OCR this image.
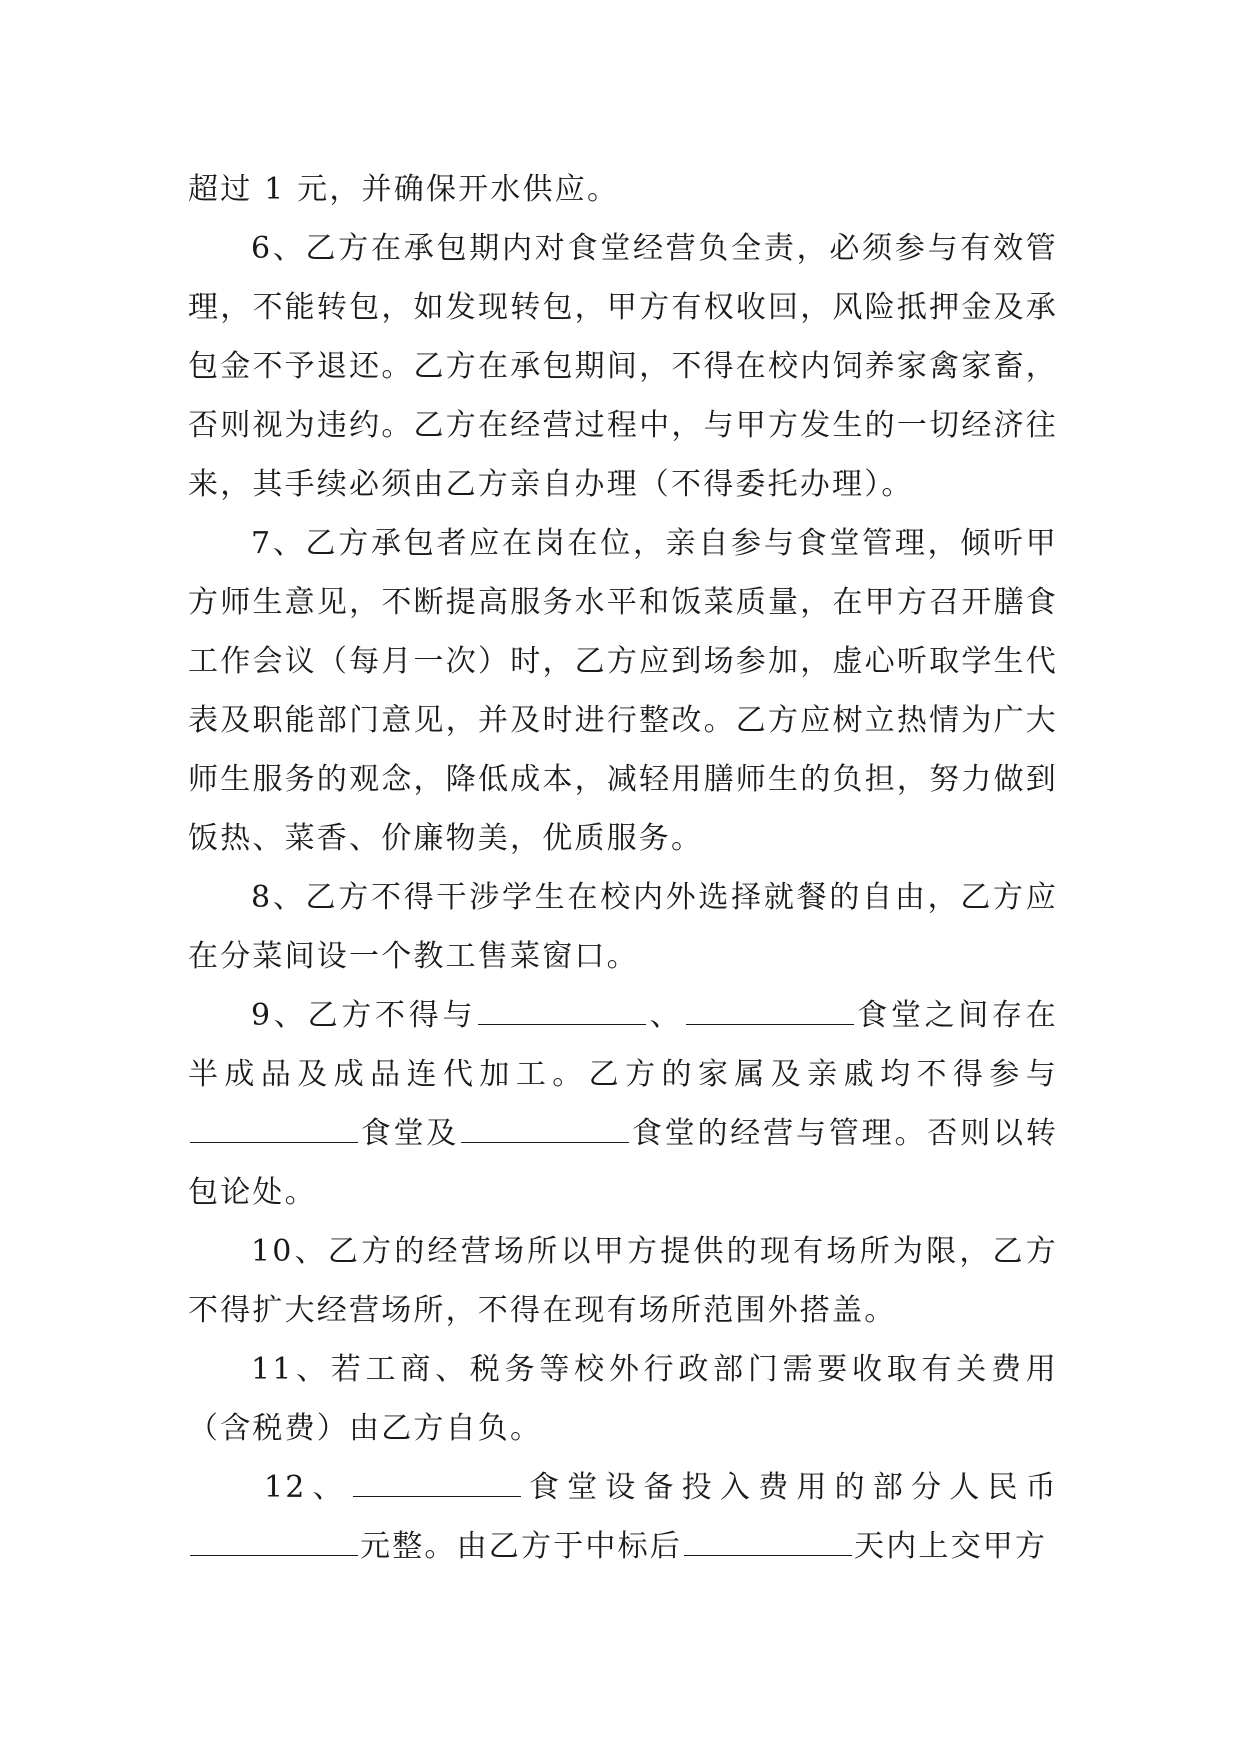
超过 1 元，并确保开水供应。

6、乙方在承包期内对食堂经营负全责，必须参与有效管理，不能转包，如发现转包，甲方有权收回，风险抵押金及承包金不予退还。乙方在承包期间，不得在校内饲养家禽家畜，否则视为违约。乙方在经营过程中，与甲方发生的一切经济往来，其手续必须由乙方亲自办理（不得委托办理）。

7、乙方承包者应在岗在位，亲自参与食堂管理，倾听甲方师生意见，不断提高服务水平和饭菜质量，在甲方召开膳食工作会议（每月一次）时，乙方应到场参加，虚心听取学生代表及职能部门意见，并及时进行整改。乙方应树立热情为广大师生服务的观念，降低成本，减轻用膳师生的负担，努力做到饭热、菜香、价廉物美，优质服务。

8、乙方不得干涉学生在校内外选择就餐的自由，乙方应在分菜间设一个教工售菜窗口。

9、乙方不得与	、	食堂之间存在半成品及成品连代加工。乙方的家属及亲戚均不得参与食堂及	食堂的经营与管理。否则以转包论处。

10、乙方的经营场所以甲方提供的现有场所为限，乙方不得扩大经营场所，不得在现有场所范围外搭盖。

11、若工商、税务等校外行政部门需要收取有关费用（含税费）由乙方自负。

12、	食堂设备投入费用的部分人民币元整。由乙方于中标后	天内上交甲方
